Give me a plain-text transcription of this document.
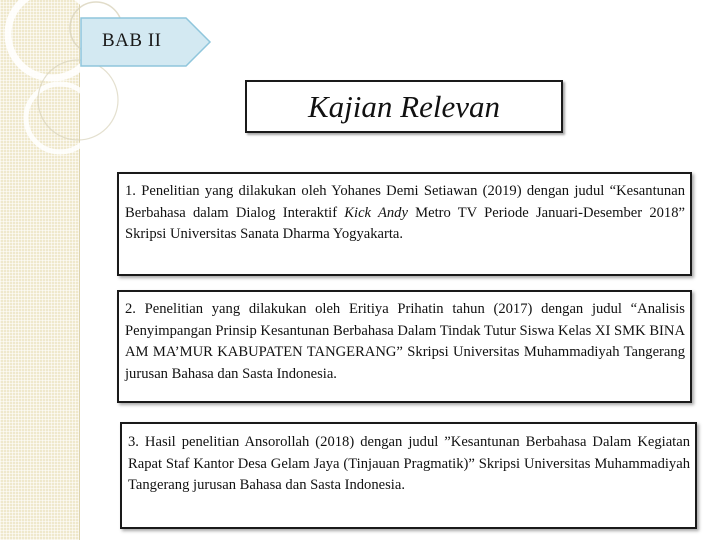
BAB II
Kajian Relevan
1. Penelitian yang dilakukan oleh Yohanes Demi Setiawan (2019) dengan judul “Kesantunan Berbahasa dalam Dialog Interaktif Kick Andy Metro TV Periode Januari-Desember 2018” Skripsi Universitas Sanata Dharma Yogyakarta.
2. Penelitian yang dilakukan oleh Eritiya Prihatin tahun (2017) dengan judul “Analisis Penyimpangan Prinsip Kesantunan Berbahasa Dalam Tindak Tutur Siswa Kelas XI SMK BINA AM MA’MUR KABUPATEN TANGERANG” Skripsi Universitas Muhammadiyah Tangerang jurusan Bahasa dan Sasta Indonesia.
3. Hasil penelitian Ansorollah (2018) dengan judul ”Kesantunan Berbahasa Dalam Kegiatan Rapat Staf Kantor Desa Gelam Jaya (Tinjauan Pragmatik)” Skripsi Universitas Muhammadiyah Tangerang jurusan Bahasa dan Sasta Indonesia.
